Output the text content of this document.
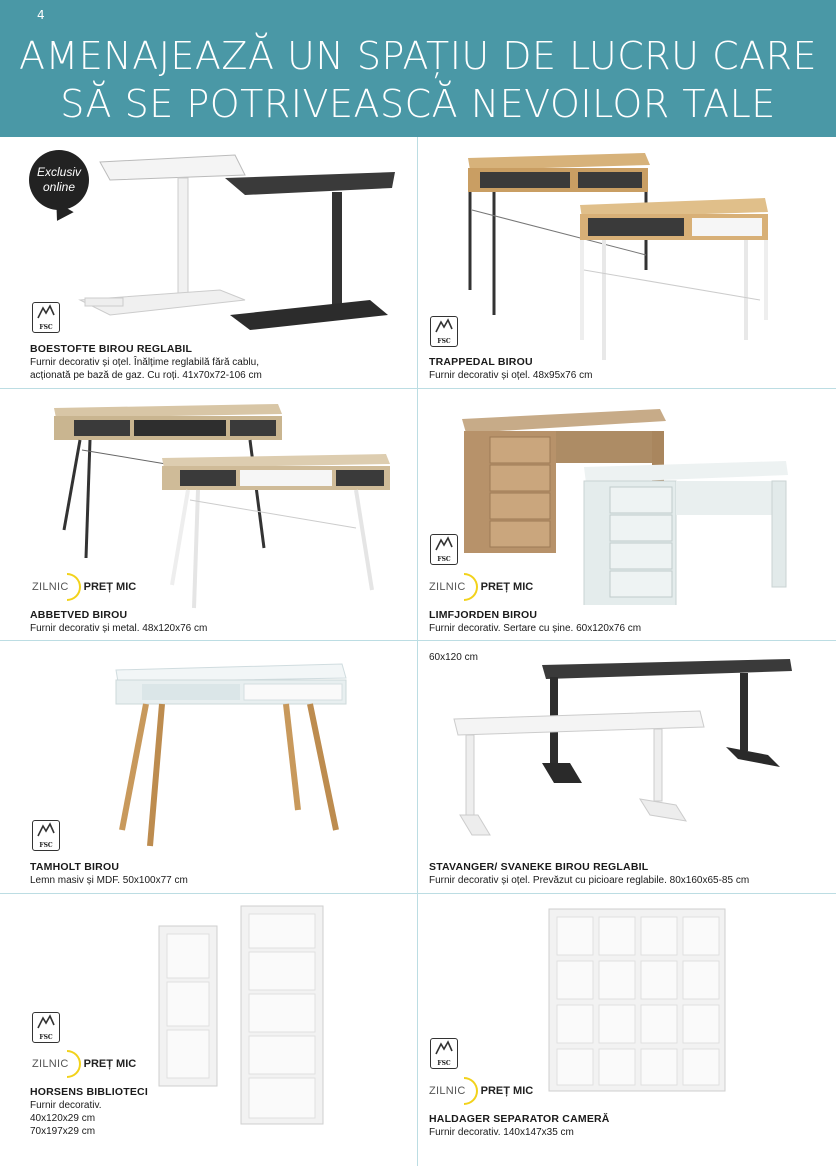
4
AMENAJEAZĂ UN SPAȚIU DE LUCRU CARE
SĂ SE POTRIVEASCĂ NEVOILOR TALE
Exclusiv
online
FSC
BOESTOFTE BIROU REGLABIL
Furnir decorativ și oțel. Înălțime reglabilă fără cablu,
acționată pe bază de gaz. Cu roți. 41x70x72-106 cm
FSC
TRAPPEDAL BIROU
Furnir decorativ și oțel. 48x95x76 cm
ZILNIC PREȚ MIC
ABBETVED BIROU
Furnir decorativ și metal. 48x120x76 cm
FSC
ZILNIC PREȚ MIC
LIMFJORDEN BIROU
Furnir decorativ. Sertare cu șine. 60x120x76 cm
FSC
TAMHOLT BIROU
Lemn masiv și MDF. 50x100x77 cm
60x120 cm
STAVANGER/ SVANEKE BIROU REGLABIL
Furnir decorativ și oțel. Prevăzut cu picioare reglabile. 80x160x65-85 cm
FSC
ZILNIC PREȚ MIC
HORSENS BIBLIOTECI
Furnir decorativ.
40x120x29 cm
70x197x29 cm
FSC
ZILNIC PREȚ MIC
HALDAGER SEPARATOR CAMERĂ
Furnir decorativ. 140x147x35 cm
